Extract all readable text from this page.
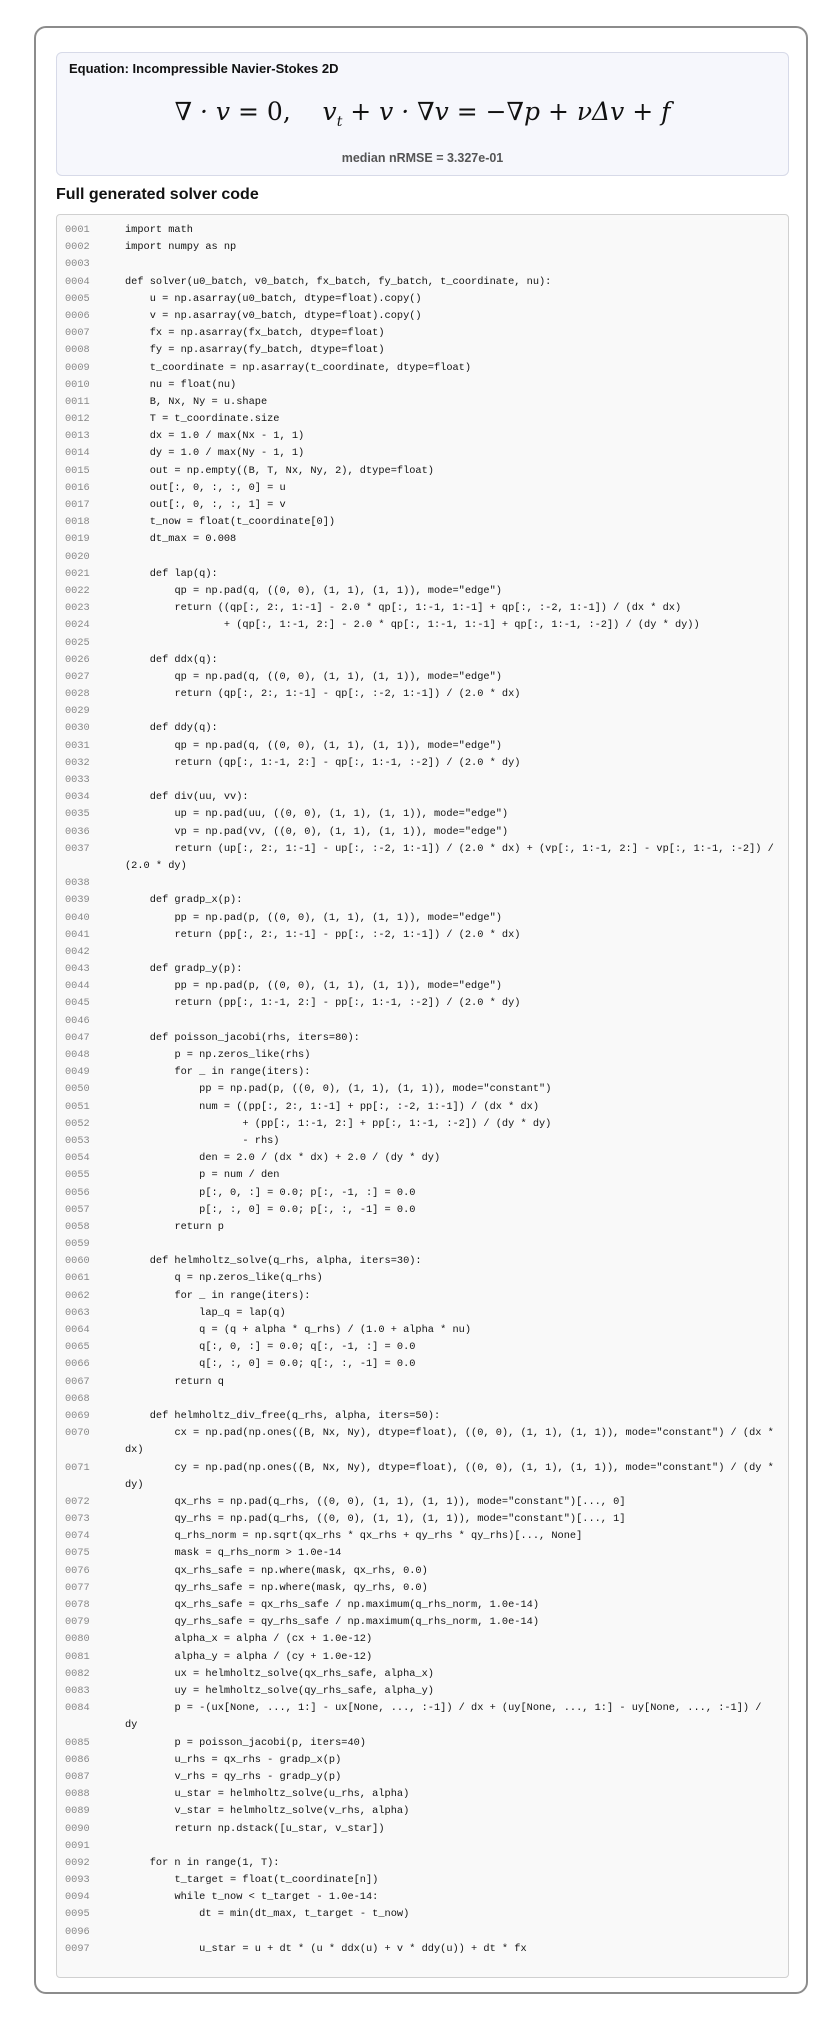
Equation: Incompressible Navier-Stokes 2D
∇ · v = 0,    $v_t + v \cdot \nabla v = -\nabla p + \nu\Delta v + f$
median nRMSE = 3.327e-01
Full generated solver code
0001	import math
0002	import numpy as np
0003
0004	def solver(u0_batch, v0_batch, fx_batch, fy_batch, t_coordinate, nu):
0005	u = np.asarray(u0_batch, dtype=float).copy()
0006	v = np.asarray(v0_batch, dtype=float).copy()
0007	fx = np.asarray(fx_batch, dtype=float)
0008	fy = np.asarray(fy_batch, dtype=float)
0009	t_coordinate = np.asarray(t_coordinate, dtype=float)
0010	nu = float(nu)
0011	B, Nx, Ny = u.shape
0012	T = t_coordinate.size
0013	dx = 1.0 / max(Nx - 1, 1)
0014	dy = 1.0 / max(Ny - 1, 1)
0015	out = np.empty((B, T, Nx, Ny, 2), dtype=float)
0016	out[:, 0, :, :, 0] = u
0017	out[:, 0, :, :, 1] = v
0018	t_now = float(t_coordinate[0])
0019	dt_max = 0.008
0020
0021	def lap(q):
0022	qp = np.pad(q, ((0, 0), (1, 1), (1, 1)), mode="edge")
0023	return ((qp[:, 2:, 1:-1] - 2.0 * qp[:, 1:-1, 1:-1] + qp[:, :-2, 1:-1]) / (dx * dx)
0024	+ (qp[:, 1:-1, 2:] - 2.0 * qp[:, 1:-1, 1:-1] + qp[:, 1:-1, :-2]) / (dy * dy))
0025
0026	def ddx(q):
0027	qp = np.pad(q, ((0, 0), (1, 1), (1, 1)), mode="edge")
0028	return (qp[:, 2:, 1:-1] - qp[:, :-2, 1:-1]) / (2.0 * dx)
0029
0030	def ddy(q):
0031	qp = np.pad(q, ((0, 0), (1, 1), (1, 1)), mode="edge")
0032	return (qp[:, 1:-1, 2:] - qp[:, 1:-1, :-2]) / (2.0 * dy)
0033
0034	def div(uu, vv):
0035	up = np.pad(uu, ((0, 0), (1, 1), (1, 1)), mode="edge")
0036	vp = np.pad(vv, ((0, 0), (1, 1), (1, 1)), mode="edge")
0037	return (up[:, 2:, 1:-1] - up[:, :-2, 1:-1]) / (2.0 * dx) + (vp[:, 1:-1, 2:] - vp[:, 1:-1, :-2]) / (2.0 * dy)
0038
0039	def gradp_x(p):
0040	pp = np.pad(p, ((0, 0), (1, 1), (1, 1)), mode="edge")
0041	return (pp[:, 2:, 1:-1] - pp[:, :-2, 1:-1]) / (2.0 * dx)
0042
0043	def gradp_y(p):
0044	pp = np.pad(p, ((0, 0), (1, 1), (1, 1)), mode="edge")
0045	return (pp[:, 1:-1, 2:] - pp[:, 1:-1, :-2]) / (2.0 * dy)
0046
0047	def poisson_jacobi(rhs, iters=80):
0048	p = np.zeros_like(rhs)
0049	for _ in range(iters):
0050	pp = np.pad(p, ((0, 0), (1, 1), (1, 1)), mode="constant")
0051	num = ((pp[:, 2:, 1:-1] + pp[:, :-2, 1:-1]) / (dx * dx)
0052	+ (pp[:, 1:-1, 2:] + pp[:, 1:-1, :-2]) / (dy * dy)
0053	- rhs)
0054	den = 2.0 / (dx * dx) + 2.0 / (dy * dy)
0055	p = num / den
0056	p[:, 0, :] = 0.0; p[:, -1, :] = 0.0
0057	p[:, :, 0] = 0.0; p[:, :, -1] = 0.0
0058	return p
0059
0060	def helmholtz_solve(q_rhs, alpha, iters=30):
0061	q = np.zeros_like(q_rhs)
0062	for _ in range(iters):
0063	lap_q = lap(q)
0064	q = (q + alpha * q_rhs) / (1.0 + alpha * nu)
0065	q[:, 0, :] = 0.0; q[:, -1, :] = 0.0
0066	q[:, :, 0] = 0.0; q[:, :, -1] = 0.0
0067	return q
0068
0069	def helmholtz_div_free(q_rhs, alpha, iters=50):
0070	cx = np.pad(np.ones((B, Nx, Ny), dtype=float), ((0, 0), (1, 1), (1, 1)), mode="constant") / (dx * dx)
0071	cy = np.pad(np.ones((B, Nx, Ny), dtype=float), ((0, 0), (1, 1), (1, 1)), mode="constant") / (dy * dy)
0072	qx_rhs = np.pad(q_rhs, ((0, 0), (1, 1), (1, 1)), mode="constant")[..., 0]
0073	qy_rhs = np.pad(q_rhs, ((0, 0), (1, 1), (1, 1)), mode="constant")[..., 1]
0074	q_rhs_norm = np.sqrt(qx_rhs * qx_rhs + qy_rhs * qy_rhs)[..., None]
0075	mask = q_rhs_norm > 1.0e-14
0076	qx_rhs_safe = np.where(mask, qx_rhs, 0.0)
0077	qy_rhs_safe = np.where(mask, qy_rhs, 0.0)
0078	qx_rhs_safe = qx_rhs_safe / np.maximum(q_rhs_norm, 1.0e-14)
0079	qy_rhs_safe = qy_rhs_safe / np.maximum(q_rhs_norm, 1.0e-14)
0080	alpha_x = alpha / (cx + 1.0e-12)
0081	alpha_y = alpha / (cy + 1.0e-12)
0082	ux = helmholtz_solve(qx_rhs_safe, alpha_x)
0083	uy = helmholtz_solve(qy_rhs_safe, alpha_y)
0084	p = -(ux[None, ..., 1:] - ux[None, ..., :-1]) / dx + (uy[None, ..., 1:] - uy[None, ..., :-1]) / dy
0085	p = poisson_jacobi(p, iters=40)
0086	u_rhs = qx_rhs - gradp_x(p)
0087	v_rhs = qy_rhs - gradp_y(p)
0088	u_star = helmholtz_solve(u_rhs, alpha)
0089	v_star = helmholtz_solve(v_rhs, alpha)
0090	return np.dstack([u_star, v_star])
0091
0092	for n in range(1, T):
0093	t_target = float(t_coordinate[n])
0094	while t_now < t_target - 1.0e-14:
0095	dt = min(dt_max, t_target - t_now)
0096
0097	u_star = u + dt * (u * ddx(u) + v * ddy(u)) + dt * fx
